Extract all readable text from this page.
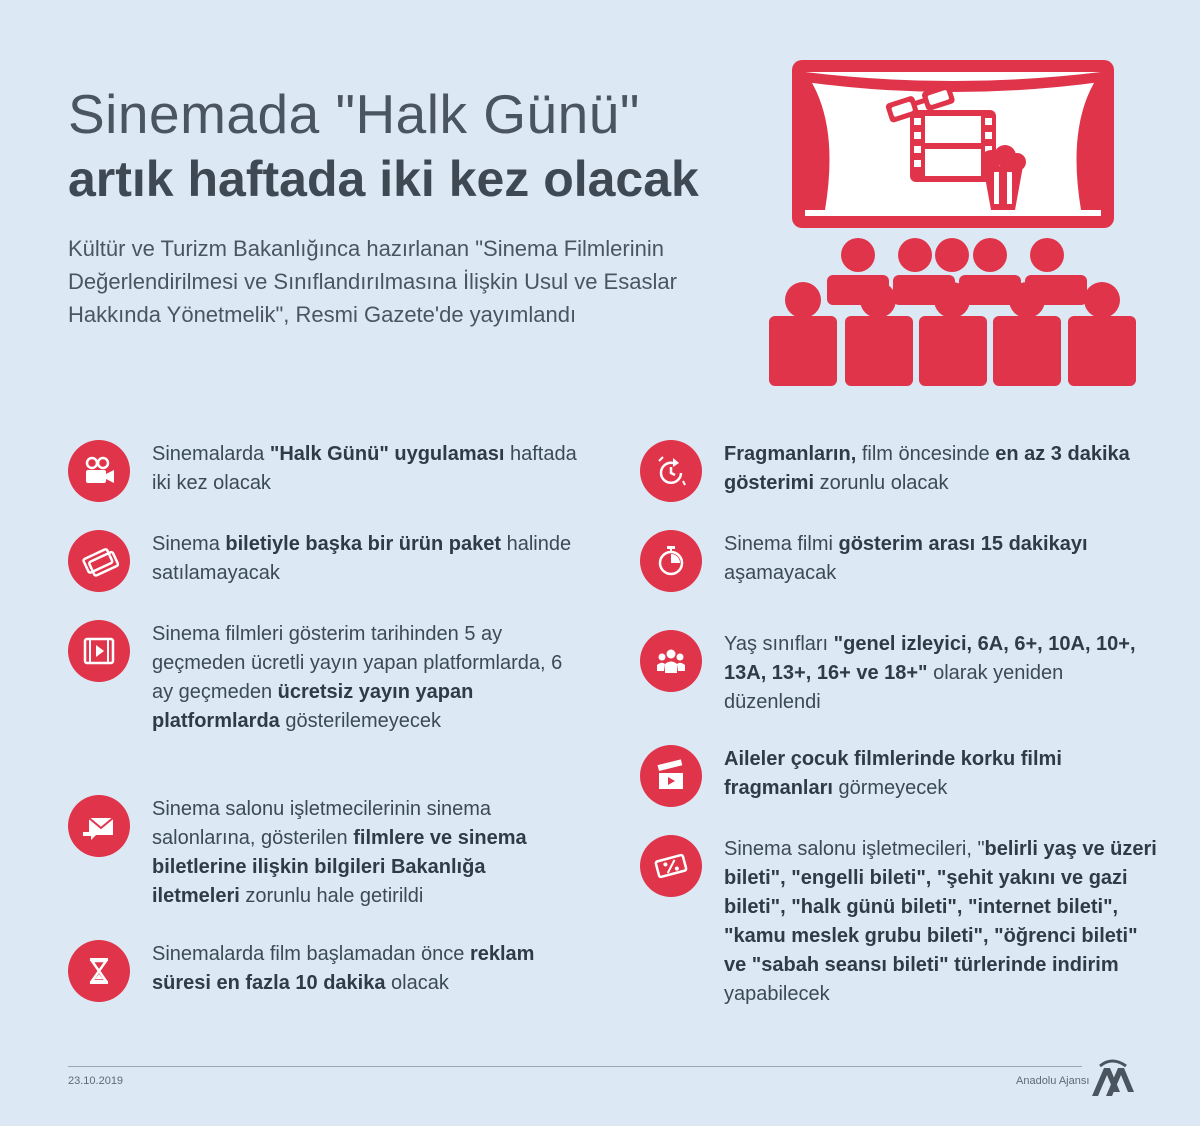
Sinemada "Halk Günü"
artık haftada iki kez olacak
Kültür ve Turizm Bakanlığınca hazırlanan "Sinema Filmlerinin Değerlendirilmesi ve Sınıflandırılmasına İlişkin Usul ve Esaslar Hakkında Yönetmelik", Resmi Gazete'de yayımlandı
Sinemalarda "Halk Günü" uygulaması haftada iki kez olacak
Sinema biletiyle başka bir ürün paket halinde satılamayacak
Sinema filmleri gösterim tarihinden 5 ay geçmeden ücretli yayın yapan platformlarda, 6 ay geçmeden ücretsiz yayın yapan platformlarda gösterilemeyecek
Sinema salonu işletmecilerinin sinema salonlarına, gösterilen filmlere ve sinema biletlerine ilişkin bilgileri Bakanlığa iletmeleri zorunlu hale getirildi
Sinemalarda film başlamadan önce reklam süresi en fazla 10 dakika olacak
Fragmanların, film öncesinde en az 3 dakika gösterimi zorunlu olacak
Sinema filmi gösterim arası 15 dakikayı aşamayacak
Yaş sınıfları "genel izleyici, 6A, 6+, 10A, 10+, 13A, 13+, 16+ ve 18+" olarak yeniden düzenlendi
Aileler çocuk filmlerinde korku filmi fragmanları görmeyecek
Sinema salonu işletmecileri, "belirli yaş ve üzeri bileti", "engelli bileti", "şehit yakını ve gazi bileti", "halk günü bileti", "internet bileti", "kamu meslek grubu bileti", "öğrenci bileti" ve "sabah seansı bileti" türlerinde indirim yapabilecek
23.10.2019	Anadolu Ajansı
